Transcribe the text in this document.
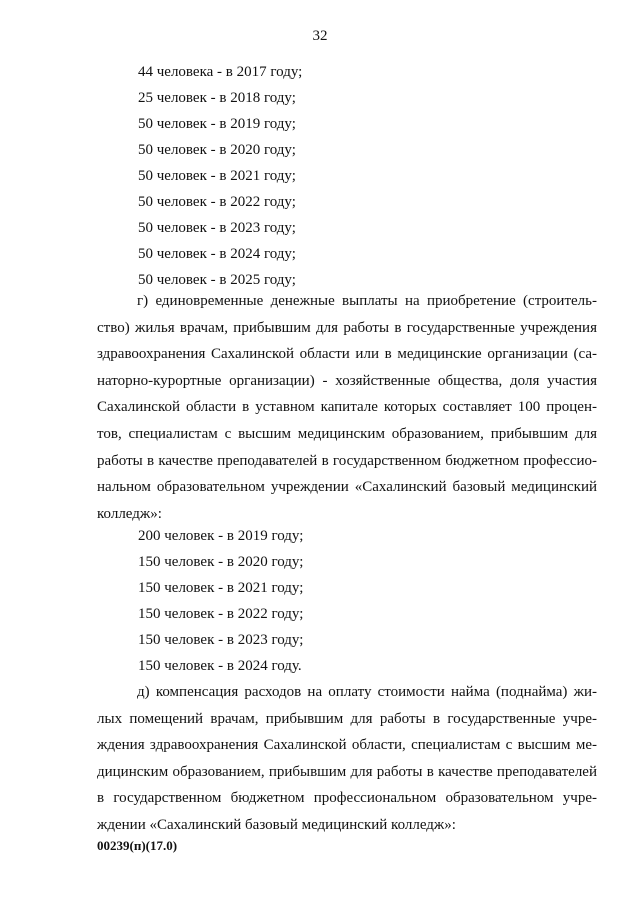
32
44 человека - в 2017 году;
25 человек - в 2018 году;
50 человек - в 2019 году;
50 человек - в 2020 году;
50 человек - в 2021 году;
50 человек - в 2022 году;
50 человек - в 2023 году;
50 человек - в 2024 году;
50 человек - в 2025 году;

г) единовременные денежные выплаты на приобретение (строитель-
ство) жилья врачам, прибывшим для работы в государственные учреждения
здравоохранения Сахалинской области или в медицинские организации (са-
наторно-курортные организации) - хозяйственные общества, доля участия
Сахалинской области в уставном капитале которых составляет 100 процен-
тов, специалистам с высшим медицинским образованием, прибывшим для
работы в качестве преподавателей в государственном бюджетном профессио-
нальном образовательном учреждении «Сахалинский базовый медицинский
колледж»:

200 человек - в 2019 году;
150 человек - в 2020 году;
150 человек - в 2021 году;
150 человек - в 2022 году;
150 человек - в 2023 году;
150 человек - в 2024 году.

д) компенсация расходов на оплату стоимости найма (поднайма) жи-
лых помещений врачам, прибывшим для работы в государственные учре-
ждения здравоохранения Сахалинской области, специалистам с высшим ме-
дицинским образованием, прибывшим для работы в качестве преподавателей
в государственном бюджетном профессиональном образовательном учре-
ждении «Сахалинский базовый медицинский колледж»:

00239(п)(17.0)
